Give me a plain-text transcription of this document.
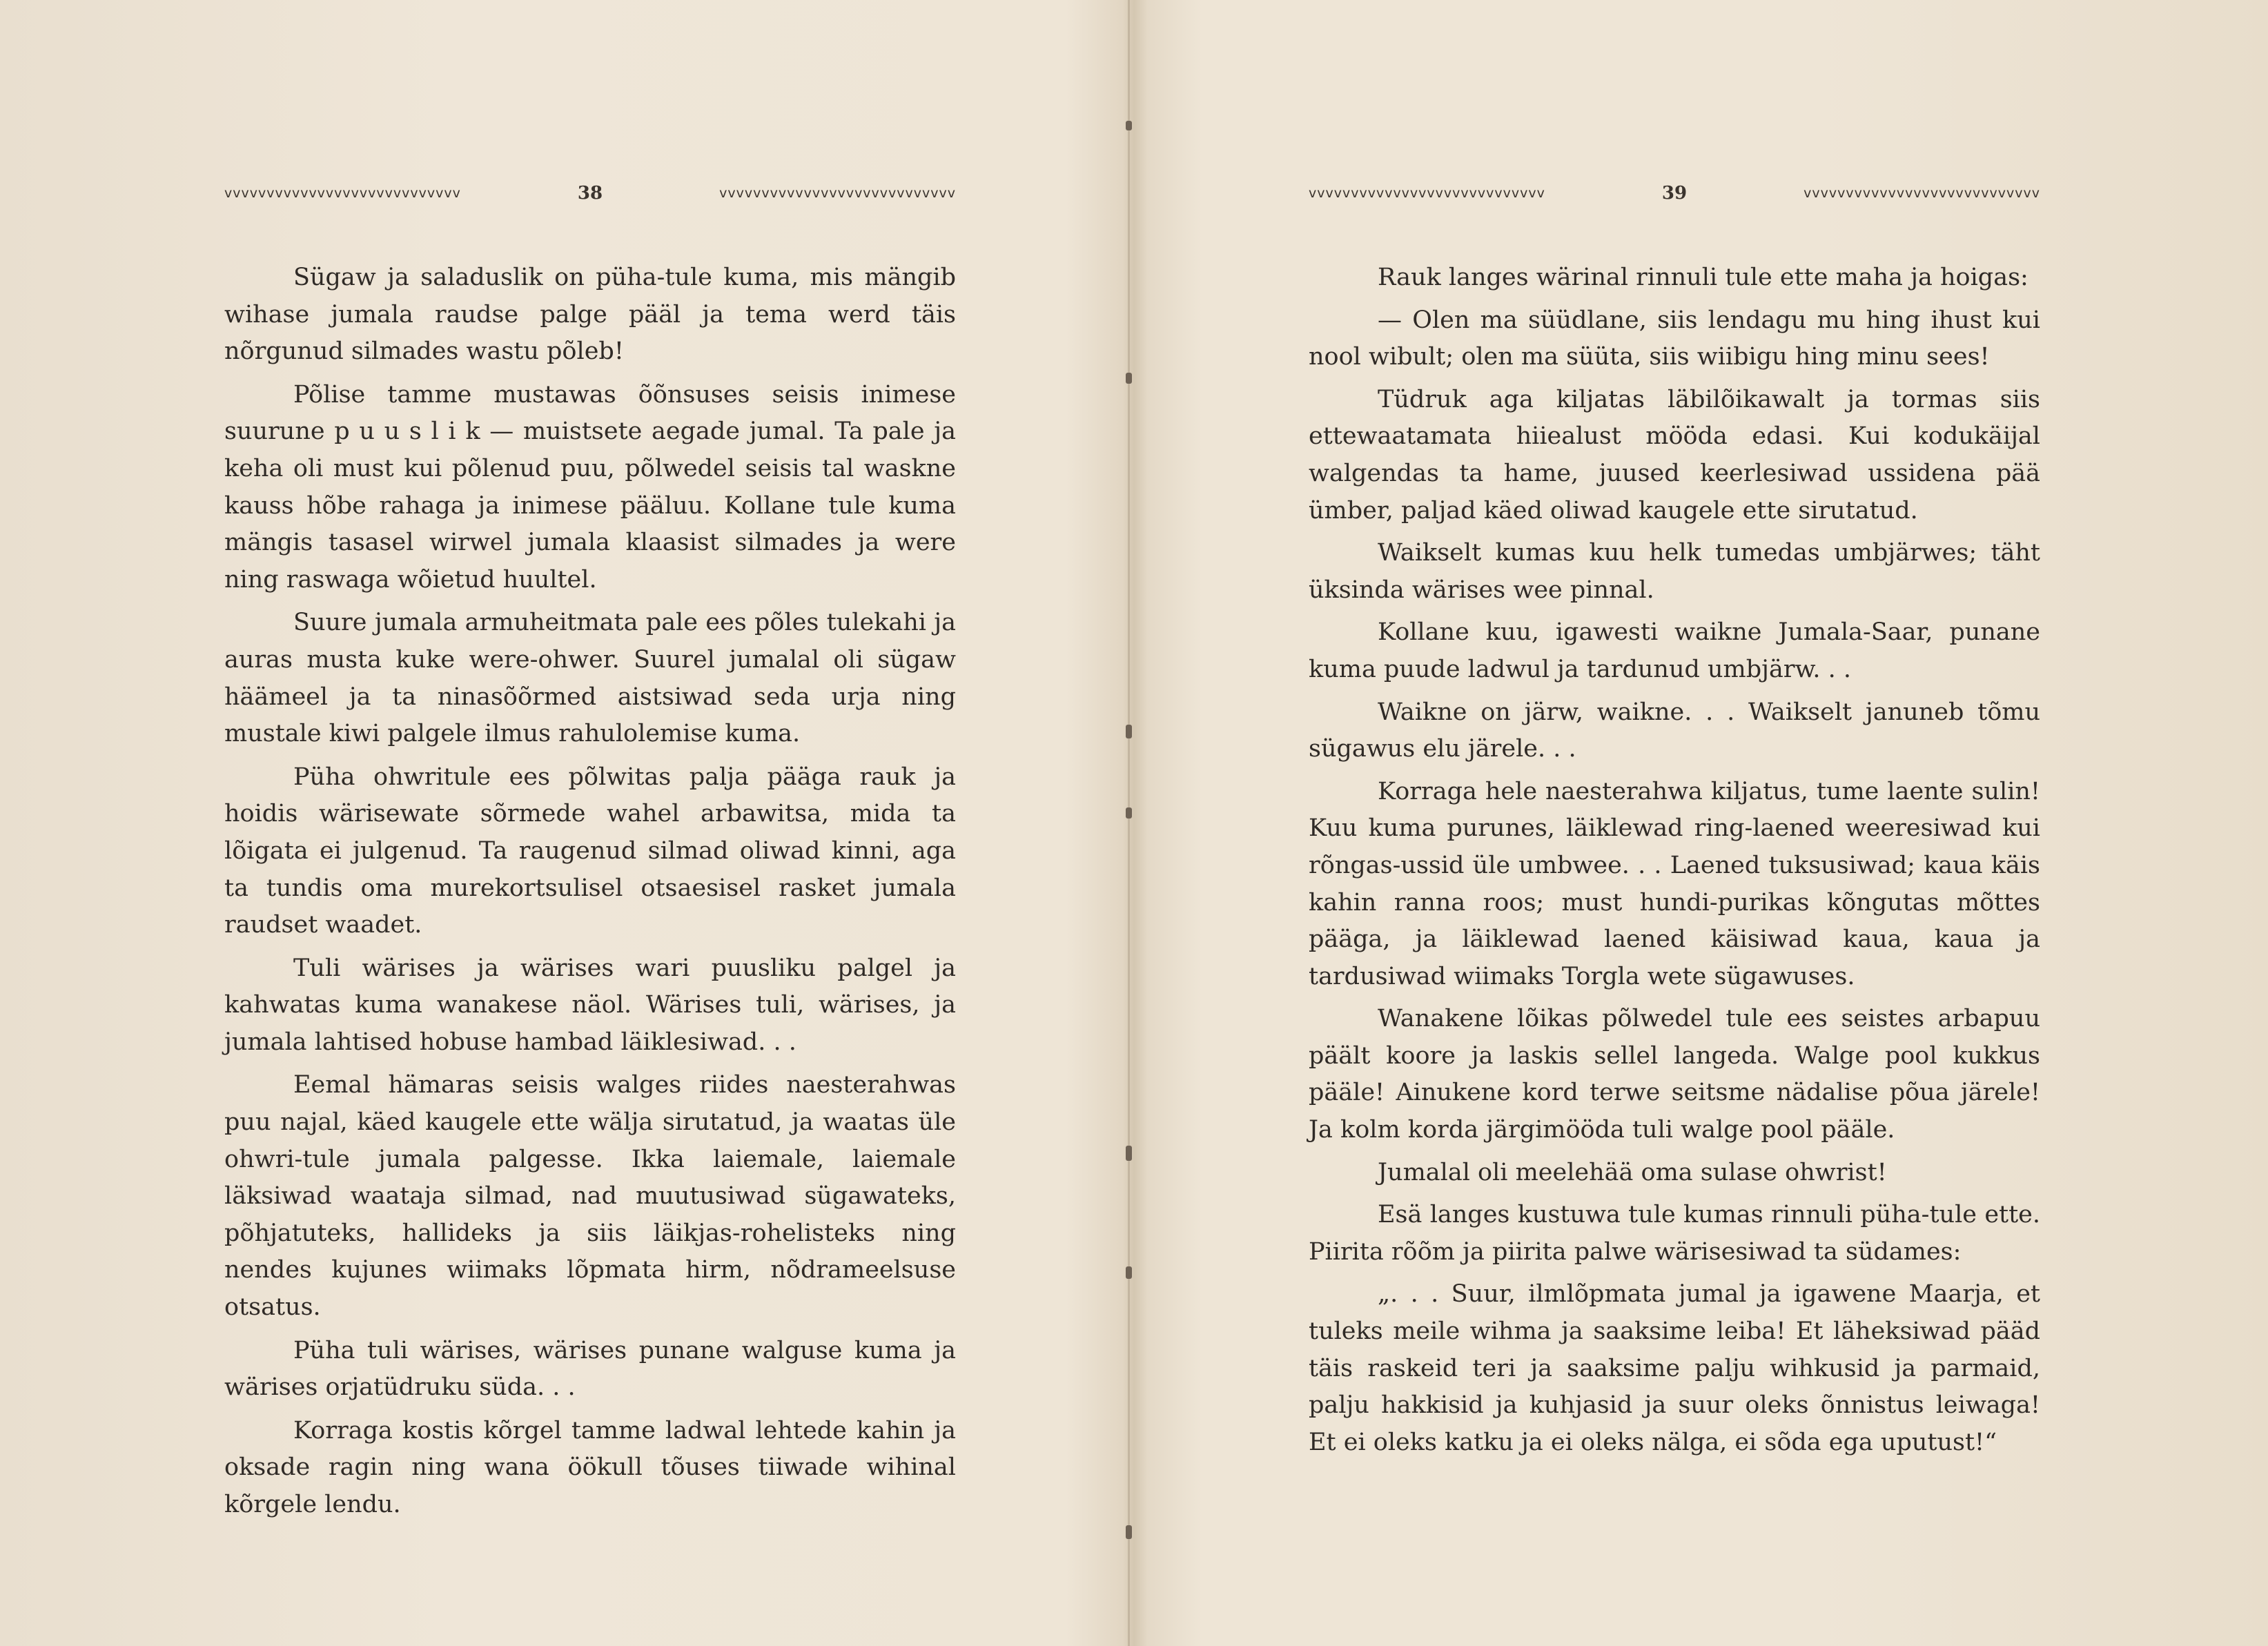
vvvvvvvvvvvvvvvvvvvvvvvvvvvv	38	vvvvvvvvvvvvvvvvvvvvvvvvvvvv

Sügaw ja saladuslik on püha-tule kuma, mis mängib wihase jumala raudse palge pääl ja tema werd täis nõrgunud silmades wastu põleb!

Põlise tamme mustawas õõnsuses seisis inimese suurune p u u s l i k — muistsete aegade jumal. Ta pale ja keha oli must kui põlenud puu, põlwedel seisis tal waskne kauss hõbe rahaga ja inimese pääluu. Kollane tule kuma mängis tasasel wirwel jumala klaasist silmades ja were ning raswaga wõietud huultel.

Suure jumala armuheitmata pale ees põles tulekahi ja auras musta kuke were-ohwer. Suurel jumalal oli sügaw häämeel ja ta ninasõõrmed aistsiwad seda urja ning mustale kiwi palgele ilmus rahulolemise kuma.

Püha ohwritule ees põlwitas palja pääga rauk ja hoidis wärisewate sõrmede wahel arbawitsa, mida ta lõigata ei julgenud. Ta raugenud silmad oliwad kinni, aga ta tundis oma murekortsulisel otsaesisel rasket jumala raudset waadet.

Tuli wärises ja wärises wari puusliku palgel ja kahwatas kuma wanakese näol. Wärises tuli, wärises, ja jumala lahtised hobuse hambad läiklesiwad. . .

Eemal hämaras seisis walges riides naesterahwas puu najal, käed kaugele ette wälja sirutatud, ja waatas üle ohwri-tule jumala palgesse. Ikka laiemale, laiemale läksiwad waataja silmad, nad muutusiwad sügawateks, põhjatuteks, hallideks ja siis läikjas-rohelisteks ning nendes kujunes wiimaks lõpmata hirm, nõdrameelsuse otsatus.

Püha tuli wärises, wärises punane walguse kuma ja wärises orjatüdruku süda. . .

Korraga kostis kõrgel tamme ladwal lehtede kahin ja oksade ragin ning wana öökull tõuses tiiwade wihinal kõrgele lendu.

vvvvvvvvvvvvvvvvvvvvvvvvvvvv	39	vvvvvvvvvvvvvvvvvvvvvvvvvvvv

Rauk langes wärinal rinnuli tule ette maha ja hoigas:

— Olen ma süüdlane, siis lendagu mu hing ihust kui nool wibult; olen ma süüta, siis wiibigu hing minu sees!

Tüdruk aga kiljatas läbilõikawalt ja tormas siis ettewaatamata hiiealust mööda edasi. Kui kodukäijal walgendas ta hame, juused keerlesiwad ussidena pää ümber, paljad käed oliwad kaugele ette sirutatud.

Waikselt kumas kuu helk tumedas umbjärwes; täht üksinda wärises wee pinnal.

Kollane kuu, igawesti waikne Jumala-Saar, punane kuma puude ladwul ja tardunud umbjärw. . .

Waikne on järw, waikne. . . Waikselt januneb tõmu sügawus elu järele. . .

Korraga hele naesterahwa kiljatus, tume laente sulin! Kuu kuma purunes, läiklewad ring-laened weeresiwad kui rõngas-ussid üle umbwee. . . Laened tuksusiwad; kaua käis kahin ranna roos; must hundi-purikas kõngutas mõttes pääga, ja läiklewad laened käisiwad kaua, kaua ja tardusiwad wiimaks Torgla wete sügawuses.

Wanakene lõikas põlwedel tule ees seistes arbapuu päält koore ja laskis sellel langeda. Walge pool kukkus pääle! Ainukene kord terwe seitsme nädalise põua järele! Ja kolm korda järgimööda tuli walge pool pääle.

Jumalal oli meelehää oma sulase ohwrist!

Esä langes kustuwa tule kumas rinnuli püha-tule ette. Piirita rõõm ja piirita palwe wärisesiwad ta südames:

„. . . Suur, ilmlõpmata jumal ja igawene Maarja, et tuleks meile wihma ja saaksime leiba! Et läheksiwad pääd täis raskeid teri ja saaksime palju wihkusid ja parmaid, palju hakkisid ja kuhjasid ja suur oleks õnnistus leiwaga! Et ei oleks katku ja ei oleks nälga, ei sõda ega uputust!“
